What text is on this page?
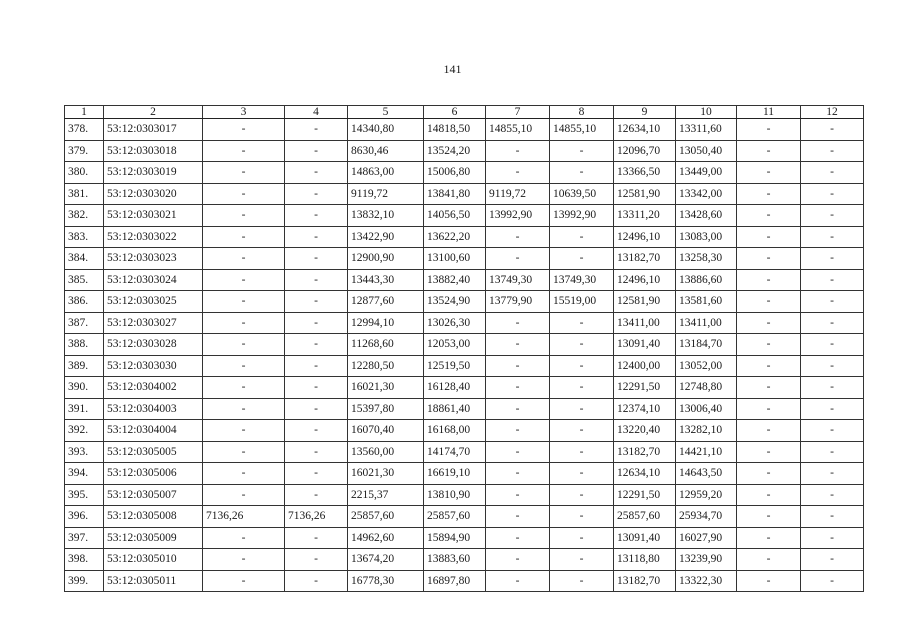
141
1	2	3	4	5	6	7	8	9	10	11	12
378.	53:12:0303017	-	-	14340,80	14818,50	14855,10	14855,10	12634,10	13311,60	-	-
379.	53:12:0303018	-	-	8630,46	13524,20	-	-	12096,70	13050,40	-	-
380.	53:12:0303019	-	-	14863,00	15006,80	-	-	13366,50	13449,00	-	-
381.	53:12:0303020	-	-	9119,72	13841,80	9119,72	10639,50	12581,90	13342,00	-	-
382.	53:12:0303021	-	-	13832,10	14056,50	13992,90	13992,90	13311,20	13428,60	-	-
383.	53:12:0303022	-	-	13422,90	13622,20	-	-	12496,10	13083,00	-	-
384.	53:12:0303023	-	-	12900,90	13100,60	-	-	13182,70	13258,30	-	-
385.	53:12:0303024	-	-	13443,30	13882,40	13749,30	13749,30	12496,10	13886,60	-	-
386.	53:12:0303025	-	-	12877,60	13524,90	13779,90	15519,00	12581,90	13581,60	-	-
387.	53:12:0303027	-	-	12994,10	13026,30	-	-	13411,00	13411,00	-	-
388.	53:12:0303028	-	-	11268,60	12053,00	-	-	13091,40	13184,70	-	-
389.	53:12:0303030	-	-	12280,50	12519,50	-	-	12400,00	13052,00	-	-
390.	53:12:0304002	-	-	16021,30	16128,40	-	-	12291,50	12748,80	-	-
391.	53:12:0304003	-	-	15397,80	18861,40	-	-	12374,10	13006,40	-	-
392.	53:12:0304004	-	-	16070,40	16168,00	-	-	13220,40	13282,10	-	-
393.	53:12:0305005	-	-	13560,00	14174,70	-	-	13182,70	14421,10	-	-
394.	53:12:0305006	-	-	16021,30	16619,10	-	-	12634,10	14643,50	-	-
395.	53:12:0305007	-	-	2215,37	13810,90	-	-	12291,50	12959,20	-	-
396.	53:12:0305008	7136,26	7136,26	25857,60	25857,60	-	-	25857,60	25934,70	-	-
397.	53:12:0305009	-	-	14962,60	15894,90	-	-	13091,40	16027,90	-	-
398.	53:12:0305010	-	-	13674,20	13883,60	-	-	13118,80	13239,90	-	-
399.	53:12:0305011	-	-	16778,30	16897,80	-	-	13182,70	13322,30	-	-
